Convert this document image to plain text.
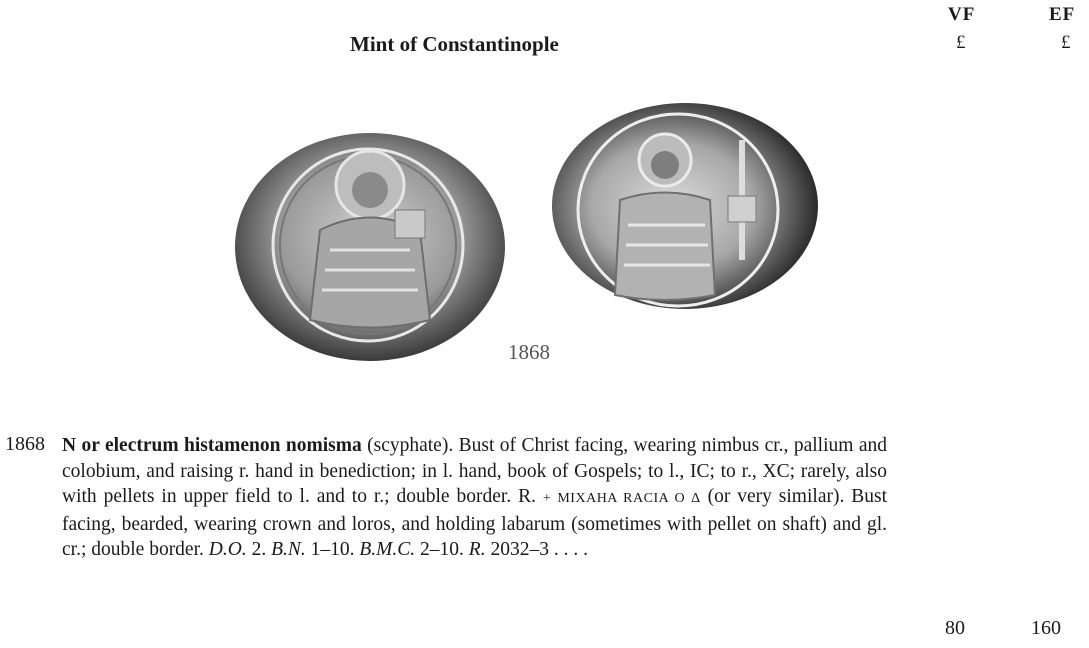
Mint of Constantinople
VF	EF
£	£
1868
1868 N or electrum histamenon nomisma (scyphate). Bust of Christ facing, wearing nimbus cr., pallium and colobium, and raising r. hand in benediction; in l. hand, book of Gospels; to l., IC; to r., XC; rarely, also with pellets in upper field to l. and to r.; double border. R. + MIXAHA RACIA O Δ (or very similar). Bust facing, bearded, wearing crown and loros, and holding labarum (sometimes with pellet on shaft) and gl. cr.; double border. D.O. 2. B.N. 1–10. B.M.C. 2–10. R. 2032–3 . . . .
80	160
